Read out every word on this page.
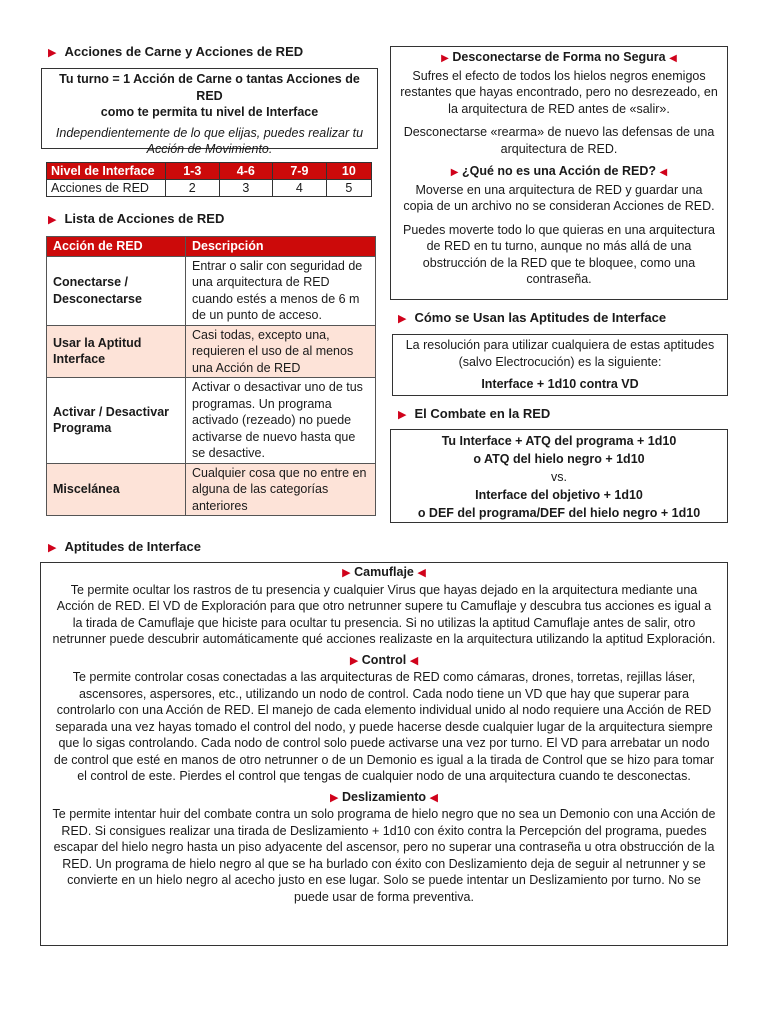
▶ Acciones de Carne y Acciones de RED

Tu turno = 1 Acción de Carne o tantas Acciones de RED

como te permita tu nivel de Interface

Independientemente de lo que elijas, puedes realizar tu Acción de Movimiento.

Nivel de Interface	1-3	4-6	7-9	10
Acciones de RED	2	3	4	5
▶ Lista de Acciones de RED
Acción de RED	Descripción
Conectarse / Desconectarse	Entrar o salir con seguridad de una arquitectura de RED cuando estés a menos de 6 m de un punto de acceso.
Usar la Aptitud Interface	Casi todas, excepto una, requieren el uso de al menos una Acción de RED
Activar / Desactivar Programa	Activar o desactivar uno de tus programas. Un programa activado (rezeado) no puede activarse de nuevo hasta que se desactive.
Miscelánea	Cualquier cosa que no entre en alguna de las categorías anteriores

▶ Desconectarse de Forma no Segura ◀

Sufres el efecto de todos los hielos negros enemigos restantes que hayas encontrado, pero no desrezeado, en la arquitectura de RED antes de «salir».

Desconectarse «rearma» de nuevo las defensas de una arquitectura de RED.

▶ ¿Qué no es una Acción de RED? ◀

Moverse en una arquitectura de RED y guardar una copia de un archivo no se consideran Acciones de RED.

Puedes moverte todo lo que quieras en una arquitectura de RED en tu turno, aunque no más allá de una obstrucción de la RED que te bloquee, como una contraseña.

▶ Cómo se Usan las Aptitudes de Interface

La resolución para utilizar cualquiera de estas aptitudes (salvo Electrocución) es la siguiente:

Interface + 1d10 contra VD

▶ El Combate en la RED

Tu Interface + ATQ del programa + 1d10

o ATQ del hielo negro + 1d10

vs.

Interface del objetivo + 1d10

o DEF del programa/DEF del hielo negro + 1d10

▶ Aptitudes de Interface

▶ Camuflaje ◀

Te permite ocultar los rastros de tu presencia y cualquier Virus que hayas dejado en la arquitectura mediante una Acción de RED. El VD de Exploración para que otro netrunner supere tu Camuflaje y descubra tus acciones es igual a la tirada de Camuflaje que hiciste para ocultar tu presencia. Si no utilizas la aptitud Camuflaje antes de salir, otro netrunner puede descubrir automáticamente qué acciones realizaste en la arquitectura utilizando la aptitud Exploración.

▶ Control ◀

Te permite controlar cosas conectadas a las arquitecturas de RED como cámaras, drones, torretas, rejillas láser, ascensores, aspersores, etc., utilizando un nodo de control. Cada nodo tiene un VD que hay que superar para controlarlo con una Acción de RED. El manejo de cada elemento individual unido al nodo requiere una Acción de RED separada una vez hayas tomado el control del nodo, y puede hacerse desde cualquier lugar de la arquitectura siempre que lo sigas controlando. Cada nodo de control solo puede activarse una vez por turno. El VD para arrebatar un nodo de control que esté en manos de otro netrunner o de un Demonio es igual a la tirada de Control que se hizo para tomar el control de este. Pierdes el control que tengas de cualquier nodo de una arquitectura cuando te desconectas.

▶ Deslizamiento ◀

Te permite intentar huir del combate contra un solo programa de hielo negro que no sea un Demonio con una Acción de RED. Si consigues realizar una tirada de Deslizamiento + 1d10 con éxito contra la Percepción del programa, puedes escapar del hielo negro hasta un piso adyacente del ascensor, pero no superar una contraseña u otra obstrucción de la RED. Un programa de hielo negro al que se ha burlado con éxito con Deslizamiento deja de seguir al netrunner y se convierte en un hielo negro al acecho justo en ese lugar. Solo se puede intentar un Deslizamiento por turno. No se puede usar de forma preventiva.
